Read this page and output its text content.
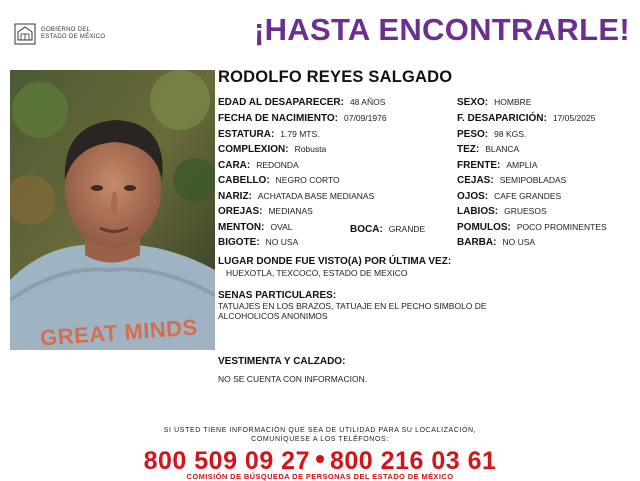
GOBIERNO DEL
ESTADO DE MÉXICO	¡HASTA ENCONTRARLE!
GREAT MINDS
RODOLFO REYES SALGADO
EDAD AL DESAPARECER: 48 AÑOS
FECHA DE NACIMIENTO: 07/09/1976
ESTATURA: 1.79 MTS.
COMPLEXION: Robusta
CARA: REDONDA
CABELLO: NEGRO CORTO
NARIZ: ACHATADA BASE MEDIANAS
OREJAS: MEDIANAS
MENTON: OVAL
BIGOTE: NO USA
BOCA: GRANDE
SEXO: HOMBRE
F. DESAPARICIÓN: 17/05/2025
PESO: 98 KGS.
TEZ: BLANCA
FRENTE: AMPLIA
CEJAS: SEMIPOBLADAS
OJOS: CAFE GRANDES
LABIOS: GRUESOS
POMULOS: POCO PROMINENTES
BARBA: NO USA
LUGAR DONDE FUE VISTO(A) POR ÚLTIMA VEZ:
HUEXOTLA, TEXCOCO, ESTADO DE MEXICO
SENAS PARTICULARES:
TATUAJES EN LOS BRAZOS, TATUAJE EN EL PECHO SIMBOLO DE ALCOHOLICOS ANONIMOS
VESTIMENTA Y CALZADO:
NO SE CUENTA CON INFORMACION.
SI USTED TIENE INFORMACIÓN QUE SEA DE UTILIDAD PARA SU LOCALIZACIÓN,
COMUNÍQUESE A LOS TELÉFONOS:
800 509 09 27 800 216 03 61
COMISIÓN DE BÚSQUEDA DE PERSONAS DEL ESTADO DE MÉXICO
